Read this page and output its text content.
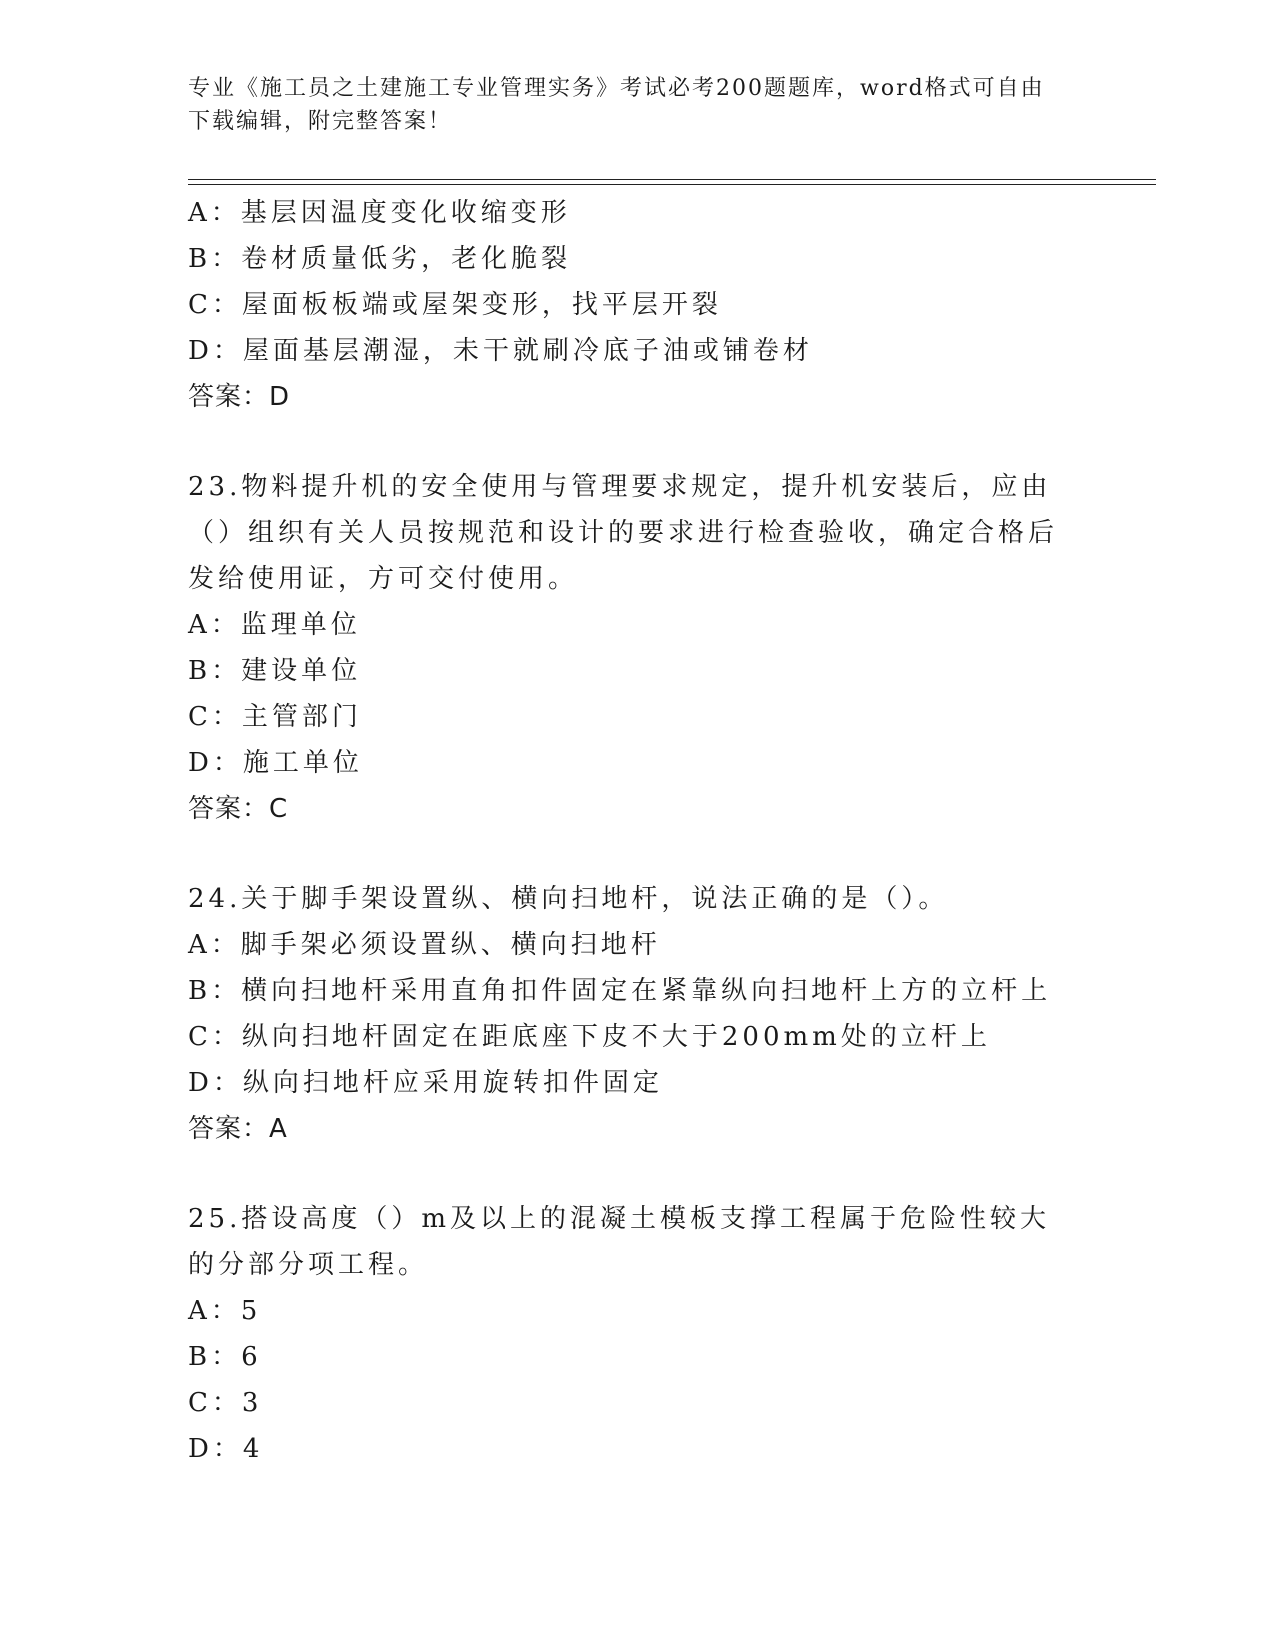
专业《施工员之土建施工专业管理实务》考试必考200题题库，word格式可自由下载编辑，附完整答案！

A：基层因温度变化收缩变形

B：卷材质量低劣，老化脆裂

C：屋面板板端或屋架变形，找平层开裂

D：屋面基层潮湿，未干就刷冷底子油或铺卷材

答案：D

23.物料提升机的安全使用与管理要求规定，提升机安装后，应由（）组织有关人员按规范和设计的要求进行检查验收，确定合格后发给使用证，方可交付使用。

A：监理单位

B：建设单位

C：主管部门

D：施工单位

答案：C

24.关于脚手架设置纵、横向扫地杆，说法正确的是（）。

A：脚手架必须设置纵、横向扫地杆

B：横向扫地杆采用直角扣件固定在紧靠纵向扫地杆上方的立杆上

C：纵向扫地杆固定在距底座下皮不大于200mm处的立杆上

D：纵向扫地杆应采用旋转扣件固定

答案：A

25.搭设高度（）m及以上的混凝土模板支撑工程属于危险性较大的分部分项工程。

A：5

B：6

C：3

D：4
